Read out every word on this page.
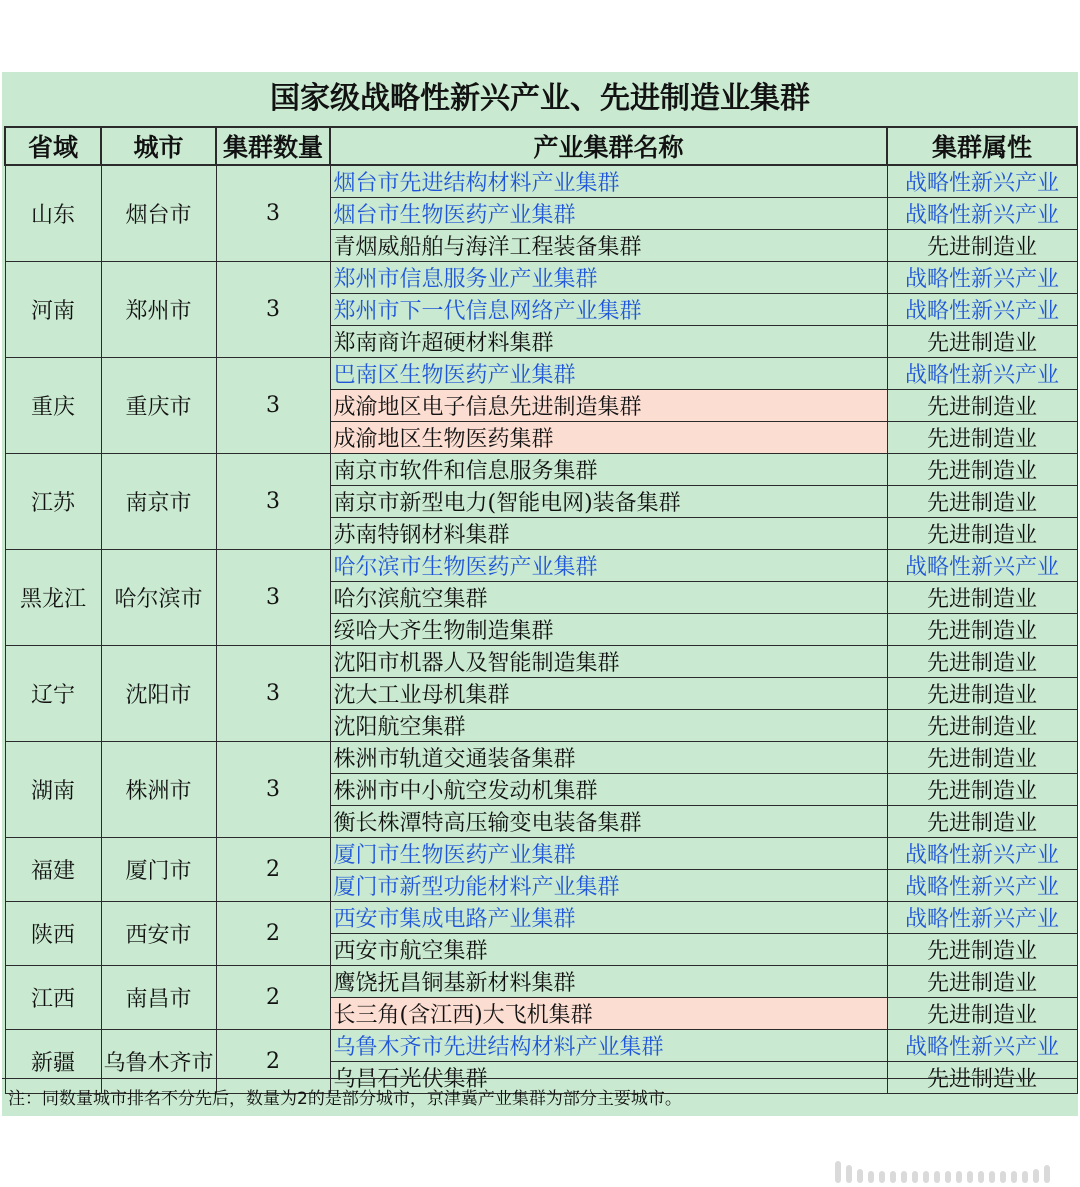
国家级战略性新兴产业、先进制造业集群
省域	城市	集群数量	产业集群名称	集群属性
山东	烟台市	3	烟台市先进结构材料产业集群	战略性新兴产业
			烟台市生物医药产业集群	战略性新兴产业
			青烟威船舶与海洋工程装备集群	先进制造业
河南	郑州市	3	郑州市信息服务业产业集群	战略性新兴产业
			郑州市下一代信息网络产业集群	战略性新兴产业
			郑南商许超硬材料集群	先进制造业
重庆	重庆市	3	巴南区生物医药产业集群	战略性新兴产业
			成渝地区电子信息先进制造集群	先进制造业
			成渝地区生物医药集群	先进制造业
江苏	南京市	3	南京市软件和信息服务集群	先进制造业
			南京市新型电力(智能电网)装备集群	先进制造业
			苏南特钢材料集群	先进制造业
黑龙江	哈尔滨市	3	哈尔滨市生物医药产业集群	战略性新兴产业
			哈尔滨航空集群	先进制造业
			绥哈大齐生物制造集群	先进制造业
辽宁	沈阳市	3	沈阳市机器人及智能制造集群	先进制造业
			沈大工业母机集群	先进制造业
			沈阳航空集群	先进制造业
湖南	株洲市	3	株洲市轨道交通装备集群	先进制造业
			株洲市中小航空发动机集群	先进制造业
			衡长株潭特高压输变电装备集群	先进制造业
福建	厦门市	2	厦门市生物医药产业集群	战略性新兴产业
			厦门市新型功能材料产业集群	战略性新兴产业
陕西	西安市	2	西安市集成电路产业集群	战略性新兴产业
			西安市航空集群	先进制造业
江西	南昌市	2	鹰饶抚昌铜基新材料集群	先进制造业
			长三角(含江西)大飞机集群	先进制造业
新疆	乌鲁木齐市	2	乌鲁木齐市先进结构材料产业集群	战略性新兴产业
			乌昌石光伏集群	先进制造业
注：同数量城市排名不分先后，数量为2的是部分城市，京津冀产业集群为部分主要城市。
